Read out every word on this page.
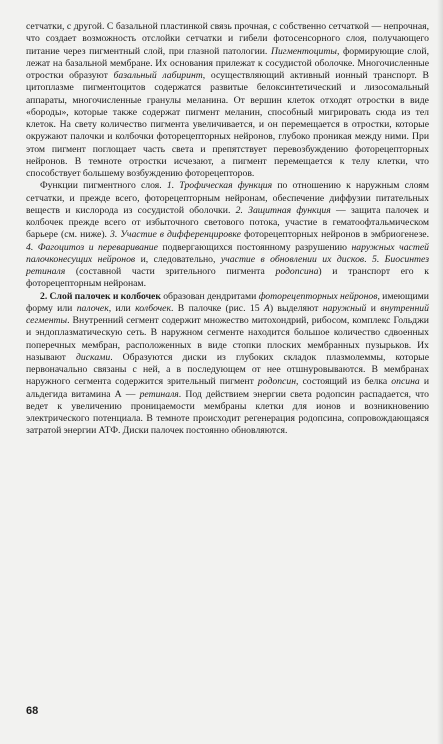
сетчатки, с другой. С базальной пластинкой связь прочная, с собственно сетчаткой — непрочная, что создает возможность отслойки сетчатки и гибели фотосенсорного слоя, получающего питание через пигментный слой, при глазной патологии. Пигментоциты, формирующие слой, лежат на базальной мембране. Их основания прилежат к сосудистой оболочке. Многочисленные отростки образуют базальный лабиринт, осуществляющий активный ионный транспорт. В цитоплазме пигментоцитов содержатся развитые белоксинтетический и лизосомальный аппараты, многочисленные гранулы меланина. От вершин клеток отходят отростки в виде «бороды», которые также содержат пигмент меланин, способный мигрировать сюда из тел клеток. На свету количество пигмента увеличивается, и он перемещается в отростки, которые окружают палочки и колбочки фоторецепторных нейронов, глубоко проникая между ними. При этом пигмент поглощает часть света и препятствует перевозбуждению фоторецепторных нейронов. В темноте отростки исчезают, а пигмент перемещается к телу клетки, что способствует большему возбуждению фоторецепторов.

Функции пигментного слоя. 1. Трофическая функция по отношению к наружным слоям сетчатки, и прежде всего, фоторецепторным нейронам, обеспечение диффузии питательных веществ и кислорода из сосудистой оболочки. 2. Защитная функция — защита палочек и колбочек прежде всего от избыточного светового потока, участие в гематоофтальмическом барьере (см. ниже). 3. Участие в дифференцировке фоторецепторных нейронов в эмбриогенезе. 4. Фагоцитоз и переваривание подвергающихся постоянному разрушению наружных частей палочконесущих нейронов и, следовательно, участие в обновлении их дисков. 5. Биосинтез ретиналя (составной части зрительного пигмента родопсина) и транспорт его к фоторецепторным нейронам.

2. Слой палочек и колбочек образован дендритами фоторецепторных нейронов, имеющими форму или палочек, или колбочек. В палочке (рис. 15 А) выделяют наружный и внутренний сегменты. Внутренний сегмент содержит множество митохондрий, рибосом, комплекс Гольджи и эндоплазматическую сеть. В наружном сегменте находится большое количество сдвоенных поперечных мембран, расположенных в виде стопки плоских мембранных пузырьков. Их называют дисками. Образуются диски из глубоких складок плазмолеммы, которые первоначально связаны с ней, а в последующем от нее отшнуровываются. В мембранах наружного сегмента содержится зрительный пигмент родопсин, состоящий из белка опсина и альдегида витамина А — ретиналя. Под действием энергии света родопсин распадается, что ведет к увеличению проницаемости мембраны клетки для ионов и возникновению электрического потенциала. В темноте происходит регенерация родопсина, сопровождающаяся затратой энергии АТФ. Диски палочек постоянно обновляются.

68
